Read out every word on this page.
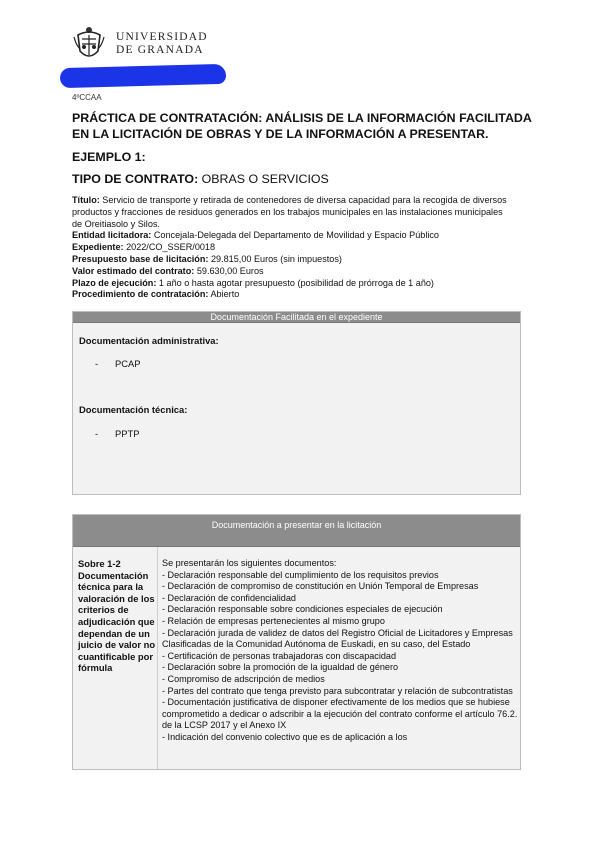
UNIVERSIDAD
DE GRANADA
4ºCCAA
PRÁCTICA DE CONTRATACIÓN: ANÁLISIS DE LA INFORMACIÓN FACILITADA EN LA LICITACIÓN DE OBRAS Y DE LA INFORMACIÓN A PRESENTAR.
EJEMPLO 1:
TIPO DE CONTRATO: OBRAS O SERVICIOS
Título: Servicio de transporte y retirada de contenedores de diversa capacidad para la recogida de diversos productos y fracciones de residuos generados en los trabajos municipales en las instalaciones municipales de Oreitiasolo y Silos.
Entidad licitadora: Concejala-Delegada del Departamento de Movilidad y Espacio Público
Expediente: 2022/CO_SSER/0018
Presupuesto base de licitación: 29.815,00 Euros (sin impuestos)
Valor estimado del contrato: 59.630,00 Euros
Plazo de ejecución: 1 año o hasta agotar presupuesto (posibilidad de prórroga de 1 año)
Procedimiento de contratación: Abierto
Documentación Facilitada en el expediente
Documentación administrativa:
- PCAP
Documentación técnica:
- PPTP
Documentación a presentar en la licitación
Sobre 1-2 Documentación técnica para la valoración de los criterios de adjudicación que dependan de un juicio de valor no cuantificable por fórmula
Se presentarán los siguientes documentos:
- Declaración responsable del cumplimiento de los requisitos previos
- Declaración de compromiso de constitución en Unión Temporal de Empresas
- Declaración de confidencialidad
- Declaración responsable sobre condiciones especiales de ejecución
- Relación de empresas pertenecientes al mismo grupo
- Declaración jurada de validez de datos del Registro Oficial de Licitadores y Empresas Clasificadas de la Comunidad Autónoma de Euskadi, en su caso, del Estado
- Certificación de personas trabajadoras con discapacidad
- Declaración sobre la promoción de la igualdad de género
- Compromiso de adscripción de medios
- Partes del contrato que tenga previsto para subcontratar y relación de subcontratistas
- Documentación justificativa de disponer efectivamente de los medios que se hubiese comprometido a dedicar o adscribir a la ejecución del contrato conforme el artículo 76.2. de la LCSP 2017 y el Anexo IX
- Indicación del convenio colectivo que es de aplicación a los
